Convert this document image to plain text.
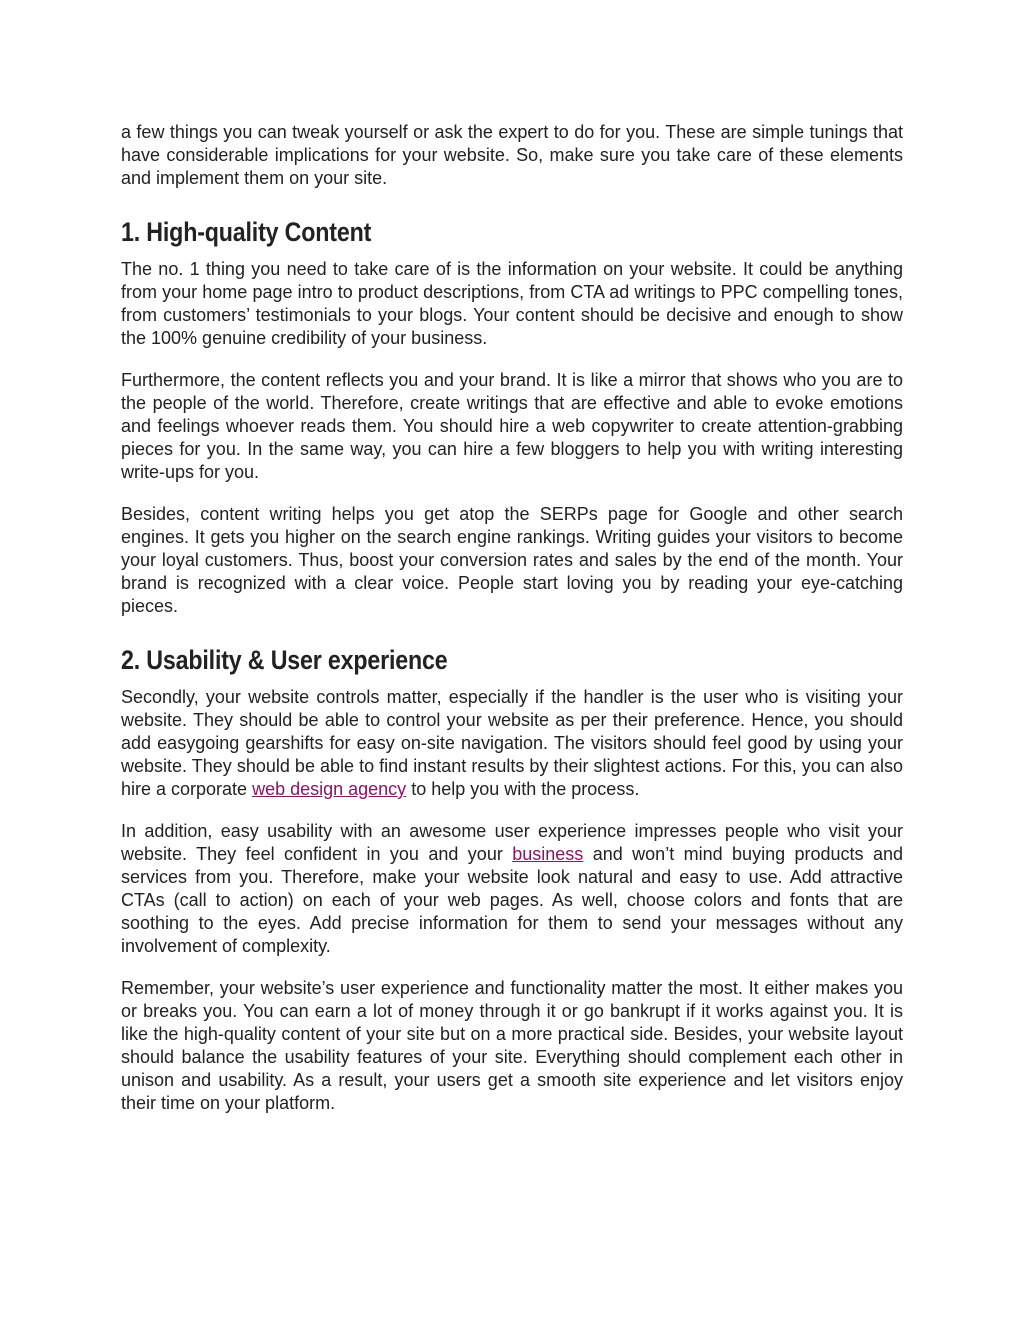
a few things you can tweak yourself or ask the expert to do for you. These are simple tunings that have considerable implications for your website. So, make sure you take care of these elements and implement them on your site.

1. High-quality Content

The no. 1 thing you need to take care of is the information on your website. It could be anything from your home page intro to product descriptions, from CTA ad writings to PPC compelling tones, from customers’ testimonials to your blogs. Your content should be decisive and enough to show the 100% genuine credibility of your business.

Furthermore, the content reflects you and your brand. It is like a mirror that shows who you are to the people of the world. Therefore, create writings that are effective and able to evoke emotions and feelings whoever reads them. You should hire a web copywriter to create attention-grabbing pieces for you. In the same way, you can hire a few bloggers to help you with writing interesting write-ups for you.

Besides, content writing helps you get atop the SERPs page for Google and other search engines. It gets you higher on the search engine rankings. Writing guides your visitors to become your loyal customers. Thus, boost your conversion rates and sales by the end of the month. Your brand is recognized with a clear voice. People start loving you by reading your eye-catching pieces.

2. Usability & User experience

Secondly, your website controls matter, especially if the handler is the user who is visiting your website. They should be able to control your website as per their preference. Hence, you should add easygoing gearshifts for easy on-site navigation. The visitors should feel good by using your website. They should be able to find instant results by their slightest actions. For this, you can also hire a corporate web design agency to help you with the process.

In addition, easy usability with an awesome user experience impresses people who visit your website. They feel confident in you and your business and won’t mind buying products and services from you. Therefore, make your website look natural and easy to use. Add attractive CTAs (call to action) on each of your web pages. As well, choose colors and fonts that are soothing to the eyes. Add precise information for them to send your messages without any involvement of complexity.

Remember, your website’s user experience and functionality matter the most. It either makes you or breaks you. You can earn a lot of money through it or go bankrupt if it works against you. It is like the high-quality content of your site but on a more practical side. Besides, your website layout should balance the usability features of your site. Everything should complement each other in unison and usability. As a result, your users get a smooth site experience and let visitors enjoy their time on your platform.
